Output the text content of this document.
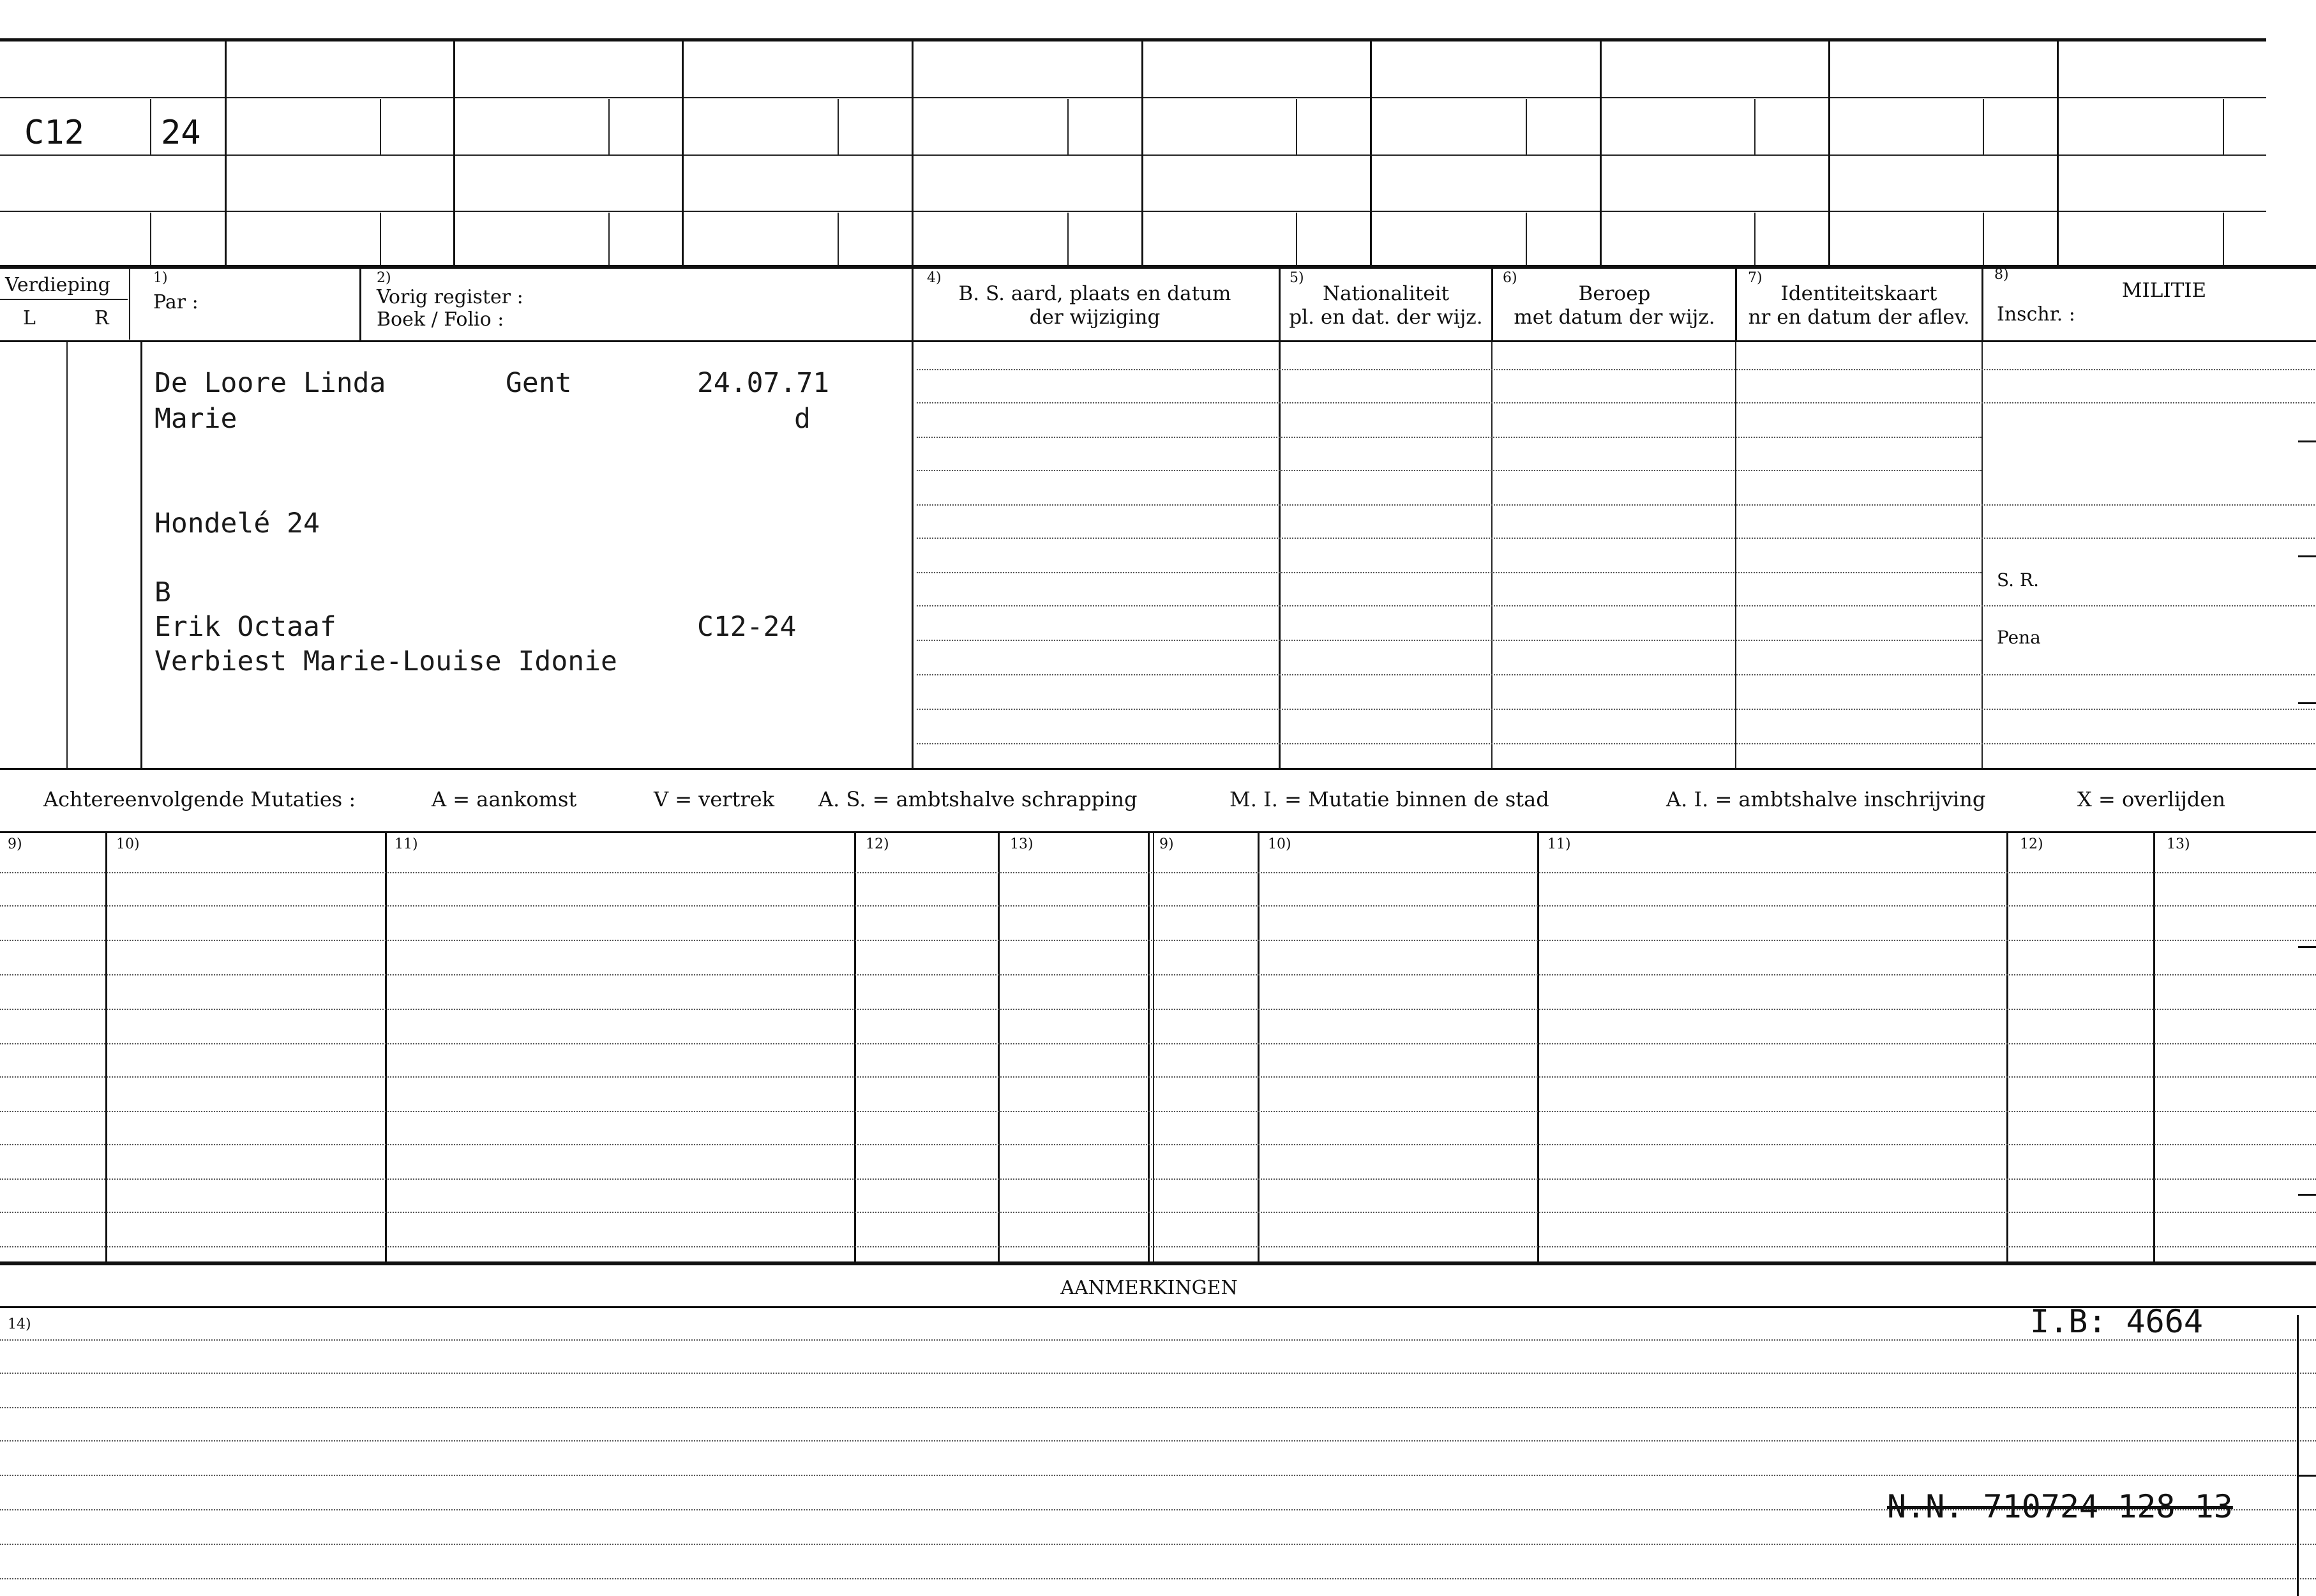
C12 24
Verdieping
L	R
1)
Par :
2)
Vorig register :
Boek / Folio :
4)
B. S. aard, plaats en datum
der wijziging
5)
Nationaliteit
pl. en dat. der wijz.
6)
Beroep
met datum der wijz.
7)
Identiteitskaart
nr en datum der aflev.
8)
MILITIE
Inschr. :
S. R.
Pena
De Loore Linda	Gent	24.07.71
Marie	d
Hondelé 24
B
Erik Octaaf	C12-24
Verbiest Marie-Louise Idonie
Achtereenvolgende Mutaties :	A = aankomst	V = vertrek A. S. = ambtshalve schrapping	M. I. = Mutatie binnen de stad	A. I. = ambtshalve inschrijving	X = overlijden
9)	10)	11)	12)	13)	9)	10)	11)	12)	13)
AANMERKINGEN
14)	I.B: 4664
N.N. 710724 128 13
